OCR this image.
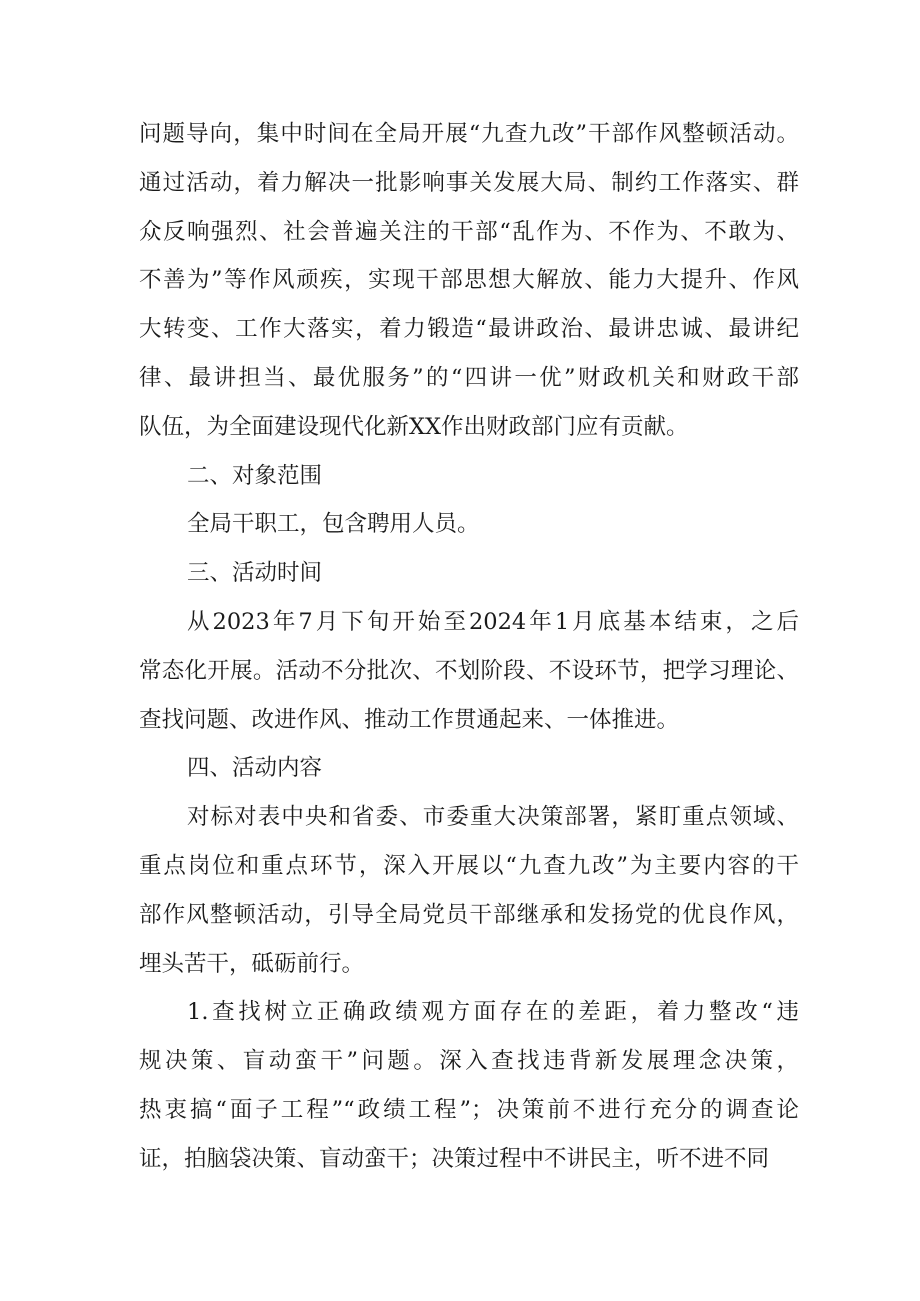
问题导向，集中时间在全局开展“九查九改”干部作风整顿活动。
通过活动，着力解决一批影响事关发展大局、制约工作落实、群
众反响强烈、社会普遍关注的干部“乱作为、不作为、不敢为、
不善为”等作风顽疾，实现干部思想大解放、能力大提升、作风
大转变、工作大落实，着力锻造“最讲政治、最讲忠诚、最讲纪
律、最讲担当、最优服务”的“四讲一优”财政机关和财政干部
队伍，为全面建设现代化新XX作出财政部门应有贡献。
二、对象范围
全局干职工，包含聘用人员。
三、活动时间
从2023年7月下旬开始至2024年1月底基本结束，之后
常态化开展。活动不分批次、不划阶段、不设环节，把学习理论、
查找问题、改进作风、推动工作贯通起来、一体推进。
四、活动内容
对标对表中央和省委、市委重大决策部署，紧盯重点领域、
重点岗位和重点环节，深入开展以“九查九改”为主要内容的干
部作风整顿活动，引导全局党员干部继承和发扬党的优良作风，
埋头苦干，砥砺前行。
1.查找树立正确政绩观方面存在的差距，着力整改“违
规决策、盲动蛮干”问题。深入查找违背新发展理念决策，
热衷搞“面子工程”“政绩工程”；决策前不进行充分的调查论
证，拍脑袋决策、盲动蛮干；决策过程中不讲民主，听不进不同
